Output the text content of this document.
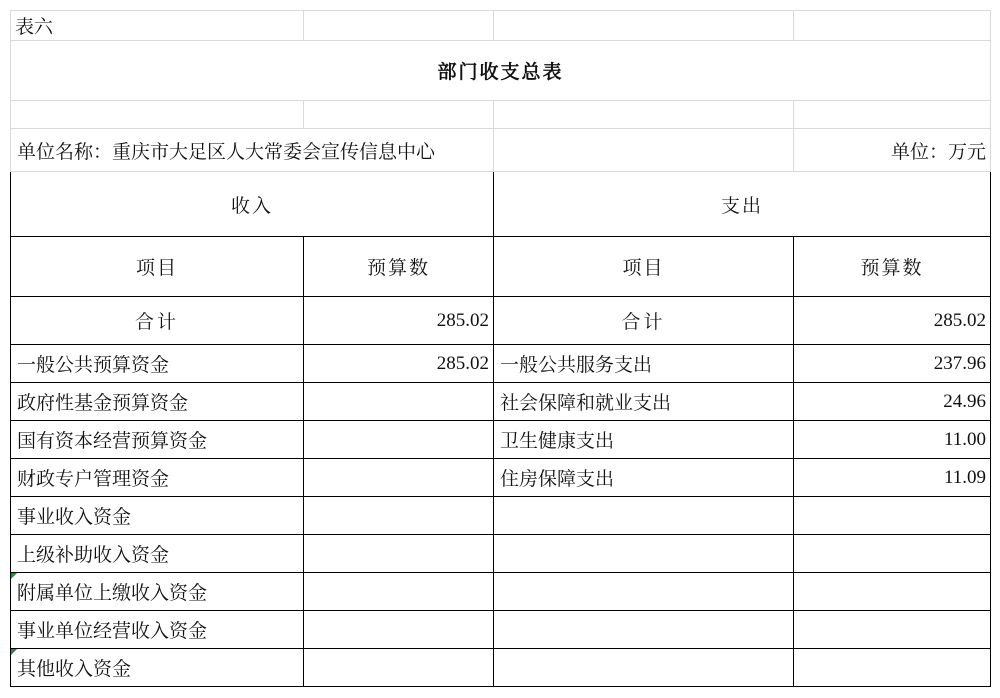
表六			
部门收支总表			

单位名称：重庆市大足区人大常委会宣传信息中心			单位：万元
收入		支出	
项目	预算数	项目	预算数
合计	285.02	合计	285.02
一般公共预算资金	285.02	一般公共服务支出	237.96
政府性基金预算资金		社会保障和就业支出	24.96
国有资本经营预算资金		卫生健康支出	11.00
财政专户管理资金		住房保障支出	11.09
事业收入资金			
上级补助收入资金			
附属单位上缴收入资金			
事业单位经营收入资金			
其他收入资金			
